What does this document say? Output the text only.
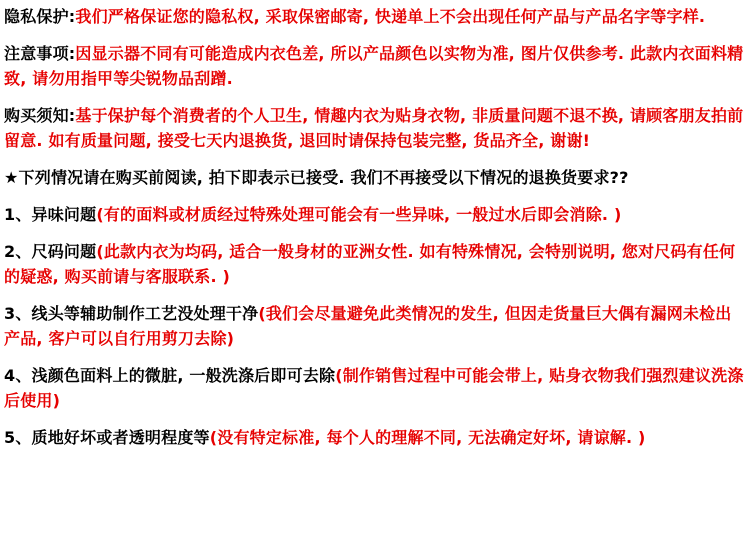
隐私保护:我们严格保证您的隐私权, 采取保密邮寄, 快递单上不会出现任何产品与产品名字等字样.

注意事项:因显示器不同有可能造成内衣色差, 所以产品颜色以实物为准, 图片仅供参考. 此款内衣面料精致, 请勿用指甲等尖锐物品刮蹭.

购买须知:基于保护每个消费者的个人卫生, 情趣内衣为贴身衣物, 非质量问题不退不换, 请顾客朋友拍前留意. 如有质量问题, 接受七天内退换货, 退回时请保持包装完整, 货品齐全, 谢谢!

★下列情况请在购买前阅读, 拍下即表示已接受. 我们不再接受以下情况的退换货要求??

1、异味问题(有的面料或材质经过特殊处理可能会有一些异味, 一般过水后即会消除. )

2、尺码问题(此款内衣为均码, 适合一般身材的亚洲女性. 如有特殊情况, 会特别说明, 您对尺码有任何的疑惑, 购买前请与客服联系. )

3、线头等辅助制作工艺没处理干净(我们会尽量避免此类情况的发生, 但因走货量巨大偶有漏网未检出产品, 客户可以自行用剪刀去除)

4、浅颜色面料上的微脏, 一般洗涤后即可去除(制作销售过程中可能会带上, 贴身衣物我们强烈建议洗涤后使用)

5、质地好坏或者透明程度等(没有特定标准, 每个人的理解不同, 无法确定好坏, 请谅解. )
